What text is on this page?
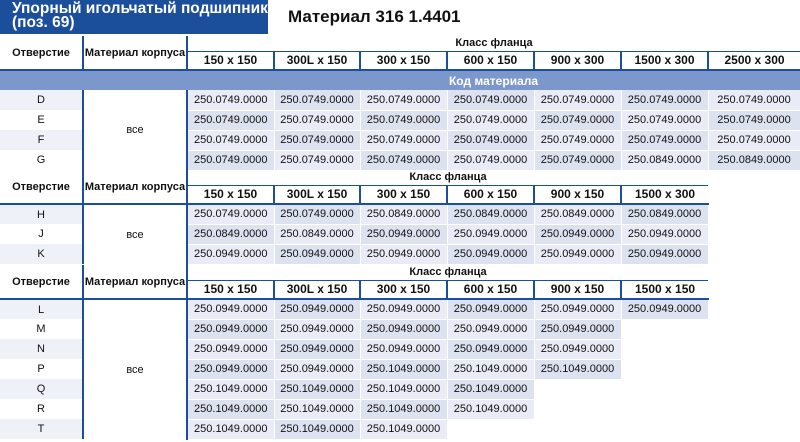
Упорный игольчатый подшипник (поз. 69)	Материал 316 1.4401
Отверстие	Материал корпуса	Класс фланца						
		150 x 150	300L x 150	300 x 150	600 x 150	900 x 300	1500 x 300	2500 x 300
		Код материала						
D	все	250.0749.0000	250.0749.0000	250.0749.0000	250.0749.0000	250.0749.0000	250.0749.0000	250.0749.0000
E		250.0749.0000	250.0749.0000	250.0749.0000	250.0749.0000	250.0749.0000	250.0749.0000	250.0749.0000
F		250.0749.0000	250.0749.0000	250.0749.0000	250.0749.0000	250.0749.0000	250.0749.0000	250.0749.0000
G		250.0749.0000	250.0749.0000	250.0749.0000	250.0749.0000	250.0749.0000	250.0849.0000	250.0849.0000
Отверстие	Материал корпуса	Класс фланца					
		150 x 150	300L x 150	300 x 150	600 x 150	900 x 150	1500 x 300
H	все	250.0749.0000	250.0749.0000	250.0849.0000	250.0849.0000	250.0849.0000	250.0849.0000
J		250.0849.0000	250.0849.0000	250.0949.0000	250.0949.0000	250.0949.0000	250.0949.0000
K		250.0949.0000	250.0949.0000	250.0949.0000	250.0949.0000	250.0949.0000	250.0949.0000
Отверстие	Материал корпуса	Класс фланца					
		150 x 150	300L x 150	300 x 150	600 x 150	900 x 150	1500 x 150
L	все	250.0949.0000	250.0949.0000	250.0949.0000	250.0949.0000	250.0949.0000	250.0949.0000
M		250.0949.0000	250.0949.0000	250.0949.0000	250.0949.0000	250.0949.0000	
N		250.0949.0000	250.0949.0000	250.0949.0000	250.0949.0000	250.0949.0000	
P		250.0949.0000	250.0949.0000	250.1049.0000	250.1049.0000	250.1049.0000	
Q		250.1049.0000	250.1049.0000	250.1049.0000	250.1049.0000		
R		250.1049.0000	250.1049.0000	250.1049.0000	250.1049.0000		
T		250.1049.0000	250.1049.0000	250.1049.0000			
